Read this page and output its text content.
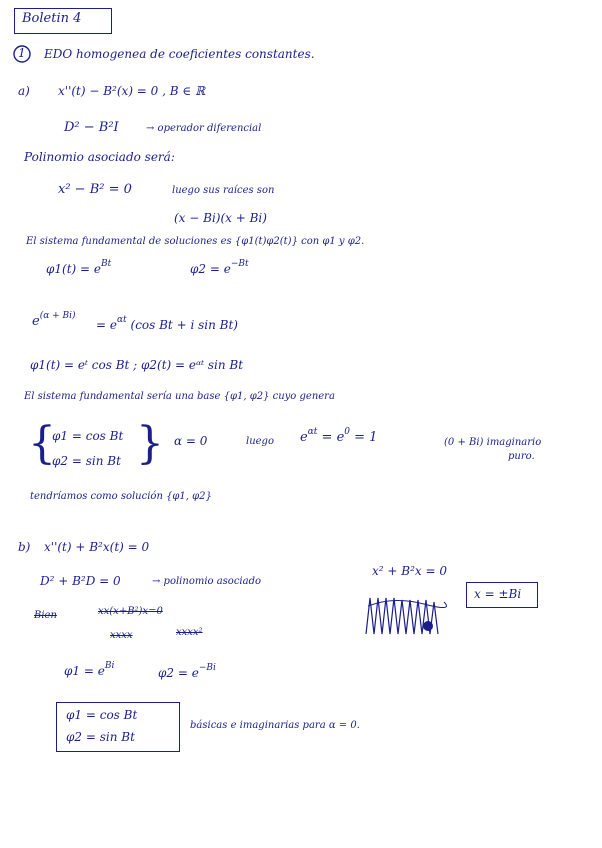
Boletin 4
1 EDO homogenea de coeficientes constantes.
a) x''(t) − B²(x) = 0 , B ∈ ℝ
D² − B²I	→ operador diferencial
Polinomio asociado será:
x² − B² = 0	luego sus raíces son
(x − Bi)(x + Bi)
El sistema fundamental de soluciones es {φ1(t)φ2(t)} con φ1 y φ2.
$\varphi 1(t) = e^{Bt}$	$\varphi 2 = e^{-Bt}$
$e^{(\alpha + Bi)}$
= $e^{\alpha t}$ (cos Bt + i sin Bt)
φ1(t) = eᵗ cos Bt ; φ2(t) = eᵅᵗ sin Bt
El sistema fundamental sería una base {φ1, φ2} cuyo genera
{
φ1 = cos Bt
φ2 = sin Bt } α = 0	luego $e^{\alpha t} = e^0 = 1$	(0 + Bi) imaginario
puro.
tendríamos como solución {φ1, φ2}
b) x''(t) + B²x(t) = 0
D² + B²D = 0	→ polinomio asociado
x² + B²x = 0
Bien	xx(x+B²)x=0
xxxx	xxxx²
x = ±Bi
$\varphi 1 = e^{Bi}$	$\varphi 2 = e^{-Bi}$
φ1 = cos Bt
φ2 = sin Bt
básicas e imaginarias para α = 0.
